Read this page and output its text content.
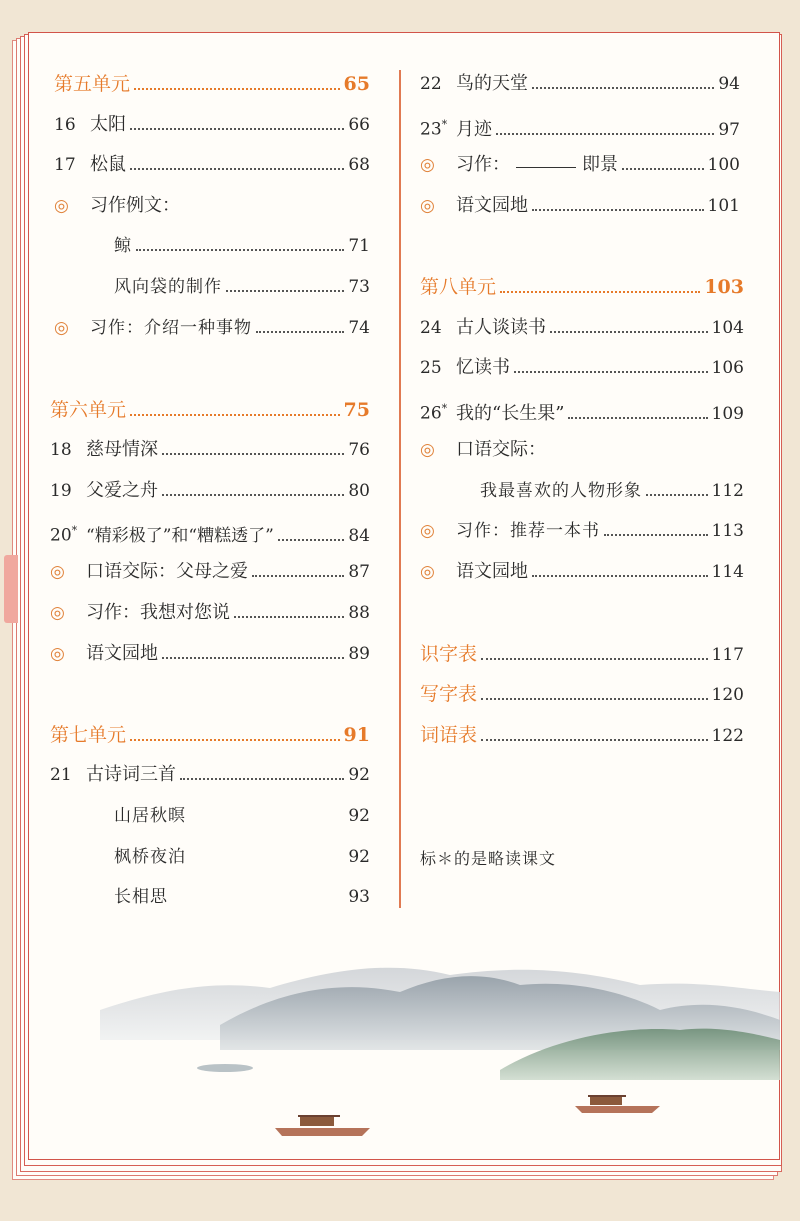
第五单元	65
16 太阳	66
17 松鼠	68
◎	习作例文：
鲸	71
风向袋的制作	73
◎	习作：介绍一种事物	74
第六单元	75
18 慈母情深	76
19 父爱之舟	80
20* “精彩极了”和“糟糕透了”	84
◎	口语交际：父母之爱	87
◎	习作：我想对您说	88
◎	语文园地	89
第七单元	91
21 古诗词三首	92
山居秋暝	92
枫桥夜泊	92
长相思	93
22 鸟的天堂	94
23* 月迹	97
◎	习作：	即景	100
◎	语文园地	101
第八单元	103
24 古人谈读书	104
25 忆读书	106
26* 我的“长生果”	109
◎	口语交际：
我最喜欢的人物形象	112
◎	习作：推荐一本书	113
◎	语文园地	114
识字表	117
写字表	120
词语表	122
标＊的是略读课文
